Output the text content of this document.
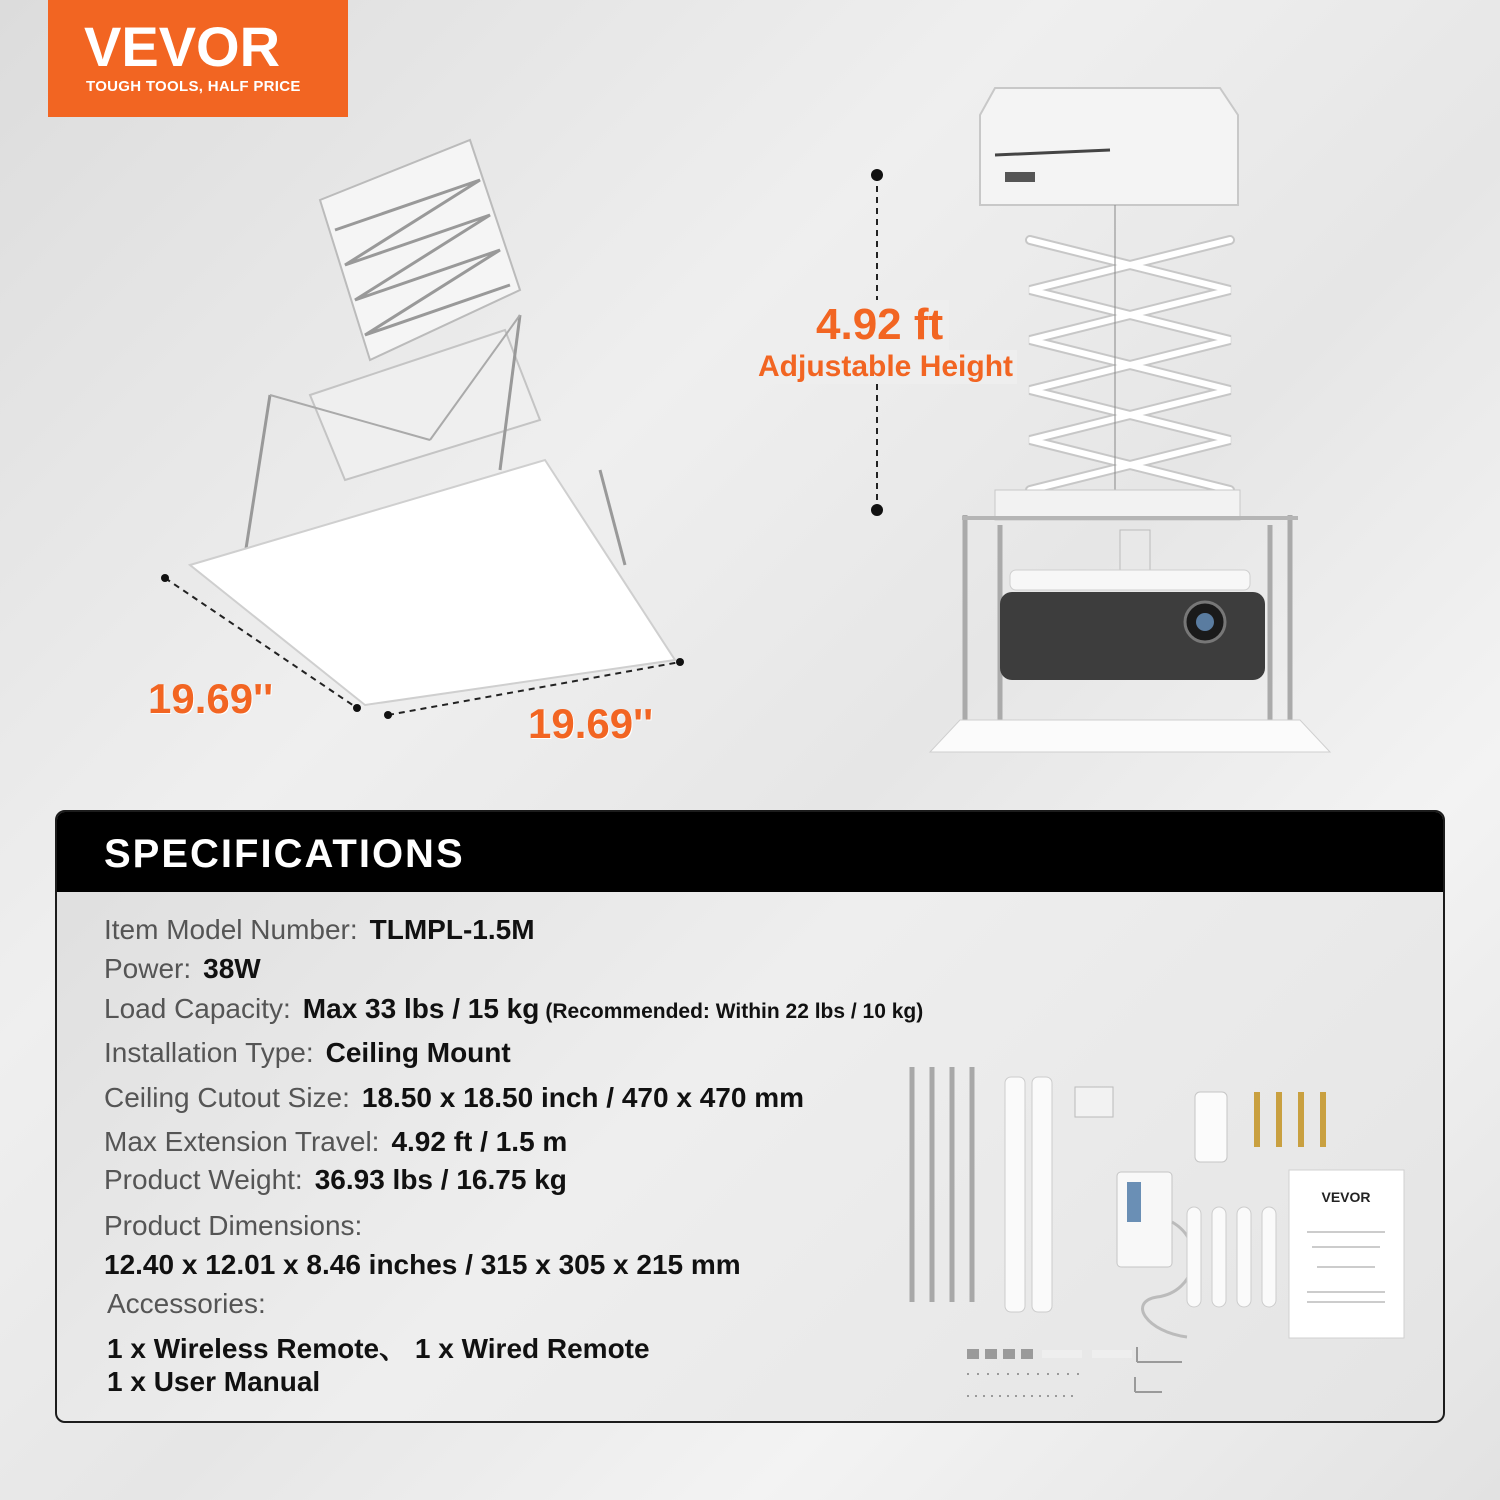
VEVOR
TOUGH TOOLS, HALF PRICE
19.69''
19.69''
4.92 ft
Adjustable Height
SPECIFICATIONS
Item Model Number: TLMPL-1.5M
Power: 38W
Load Capacity: Max 33 lbs / 15 kg (Recommended: Within 22 lbs / 10 kg)
Installation Type: Ceiling Mount
Ceiling Cutout Size: 18.50 x 18.50 inch / 470 x 470 mm
Max Extension Travel: 4.92 ft / 1.5 m
Product Weight: 36.93 lbs / 16.75 kg
Product Dimensions:
12.40 x 12.01 x 8.46 inches / 315 x 305 x 215 mm
Accessories:
1 x Wireless Remote、 1 x Wired Remote
1 x User Manual
VEVOR
